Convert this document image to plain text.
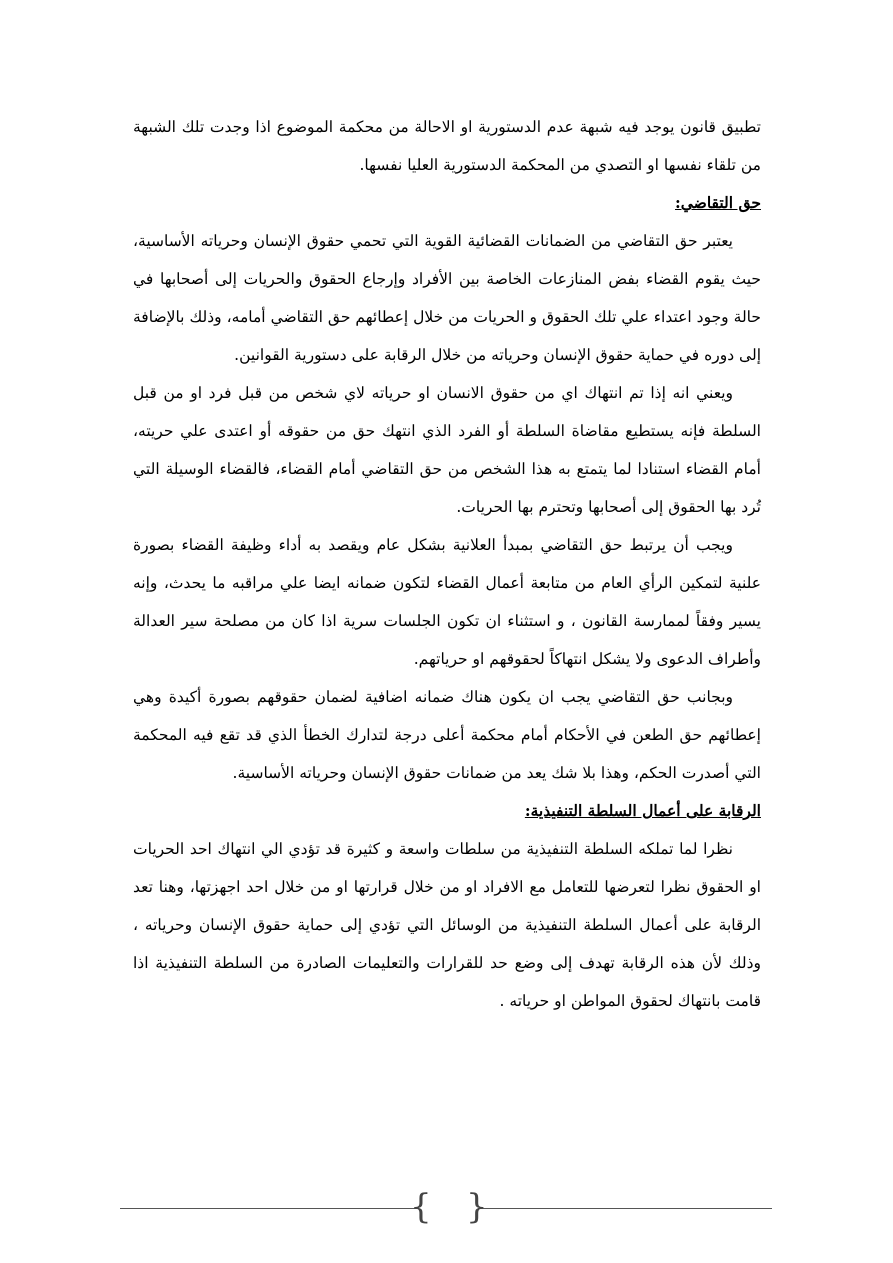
تطبيق قانون يوجد فيه شبهة عدم الدستورية او الاحالة من محكمة الموضوع اذا وجدت تلك الشبهة من تلقاء نفسها او التصدي من المحكمة الدستورية العليا نفسها.

حق التقاضي:

يعتبر حق التقاضي من الضمانات القضائية القوية التي تحمي حقوق الإنسان وحرياته الأساسية، حيث يقوم القضاء بفض المنازعات الخاصة بين الأفراد وإرجاع الحقوق والحريات إلى أصحابها في حالة وجود اعتداء علي تلك الحقوق و الحريات من خلال إعطائهم حق التقاضي أمامه، وذلك بالإضافة إلى دوره في حماية حقوق الإنسان وحرياته من خلال الرقابة على دستورية القوانين.

ويعني انه إذا تم انتهاك اي من حقوق الانسان او حرياته لاي شخص من قبل فرد او من قبل السلطة فإنه يستطيع مقاضاة السلطة أو الفرد الذي انتهك حق من حقوقه أو اعتدى علي حريته، أمام القضاء استنادا لما يتمتع به هذا الشخص من حق التقاضي أمام القضاء، فالقضاء الوسيلة التي تُرد بها الحقوق إلى أصحابها وتحترم بها الحريات.

ويجب أن يرتبط حق التقاضي بمبدأ العلانية بشكل عام ويقصد به أداء وظيفة القضاء بصورة علنية لتمكين الرأي العام من متابعة أعمال القضاء لتكون ضمانه ايضا علي مراقبه ما يحدث، وإنه يسير وفقاً لممارسة القانون ، و استثناء ان تكون الجلسات سرية اذا كان من مصلحة سير العدالة وأطراف الدعوى ولا يشكل انتهاكاً لحقوقهم او حرياتهم.

وبجانب حق التقاضي يجب ان يكون هناك ضمانه اضافية لضمان حقوقهم بصورة أكيدة وهي إعطائهم حق الطعن في الأحكام أمام محكمة أعلى درجة لتدارك الخطأ الذي قد تقع فيه المحكمة التي أصدرت الحكم، وهذا بلا شك يعد من ضمانات حقوق الإنسان وحرياته الأساسية.

الرقابة على أعمال السلطة التنفيذية:

نظرا لما تملكه السلطة التنفيذية من سلطات واسعة و كثيرة قد تؤدي الي انتهاك احد الحريات او الحقوق نظرا لتعرضها للتعامل مع الافراد او من خلال قرارتها او من خلال احد اجهزتها، وهنا تعد الرقابة على أعمال السلطة التنفيذية من الوسائل التي تؤدي إلى حماية حقوق الإنسان وحرياته ، وذلك لأن هذه الرقابة تهدف إلى وضع حد للقرارات والتعليمات الصادرة من السلطة التنفيذية اذا قامت بانتهاك لحقوق المواطن او حرياته .

{ }
